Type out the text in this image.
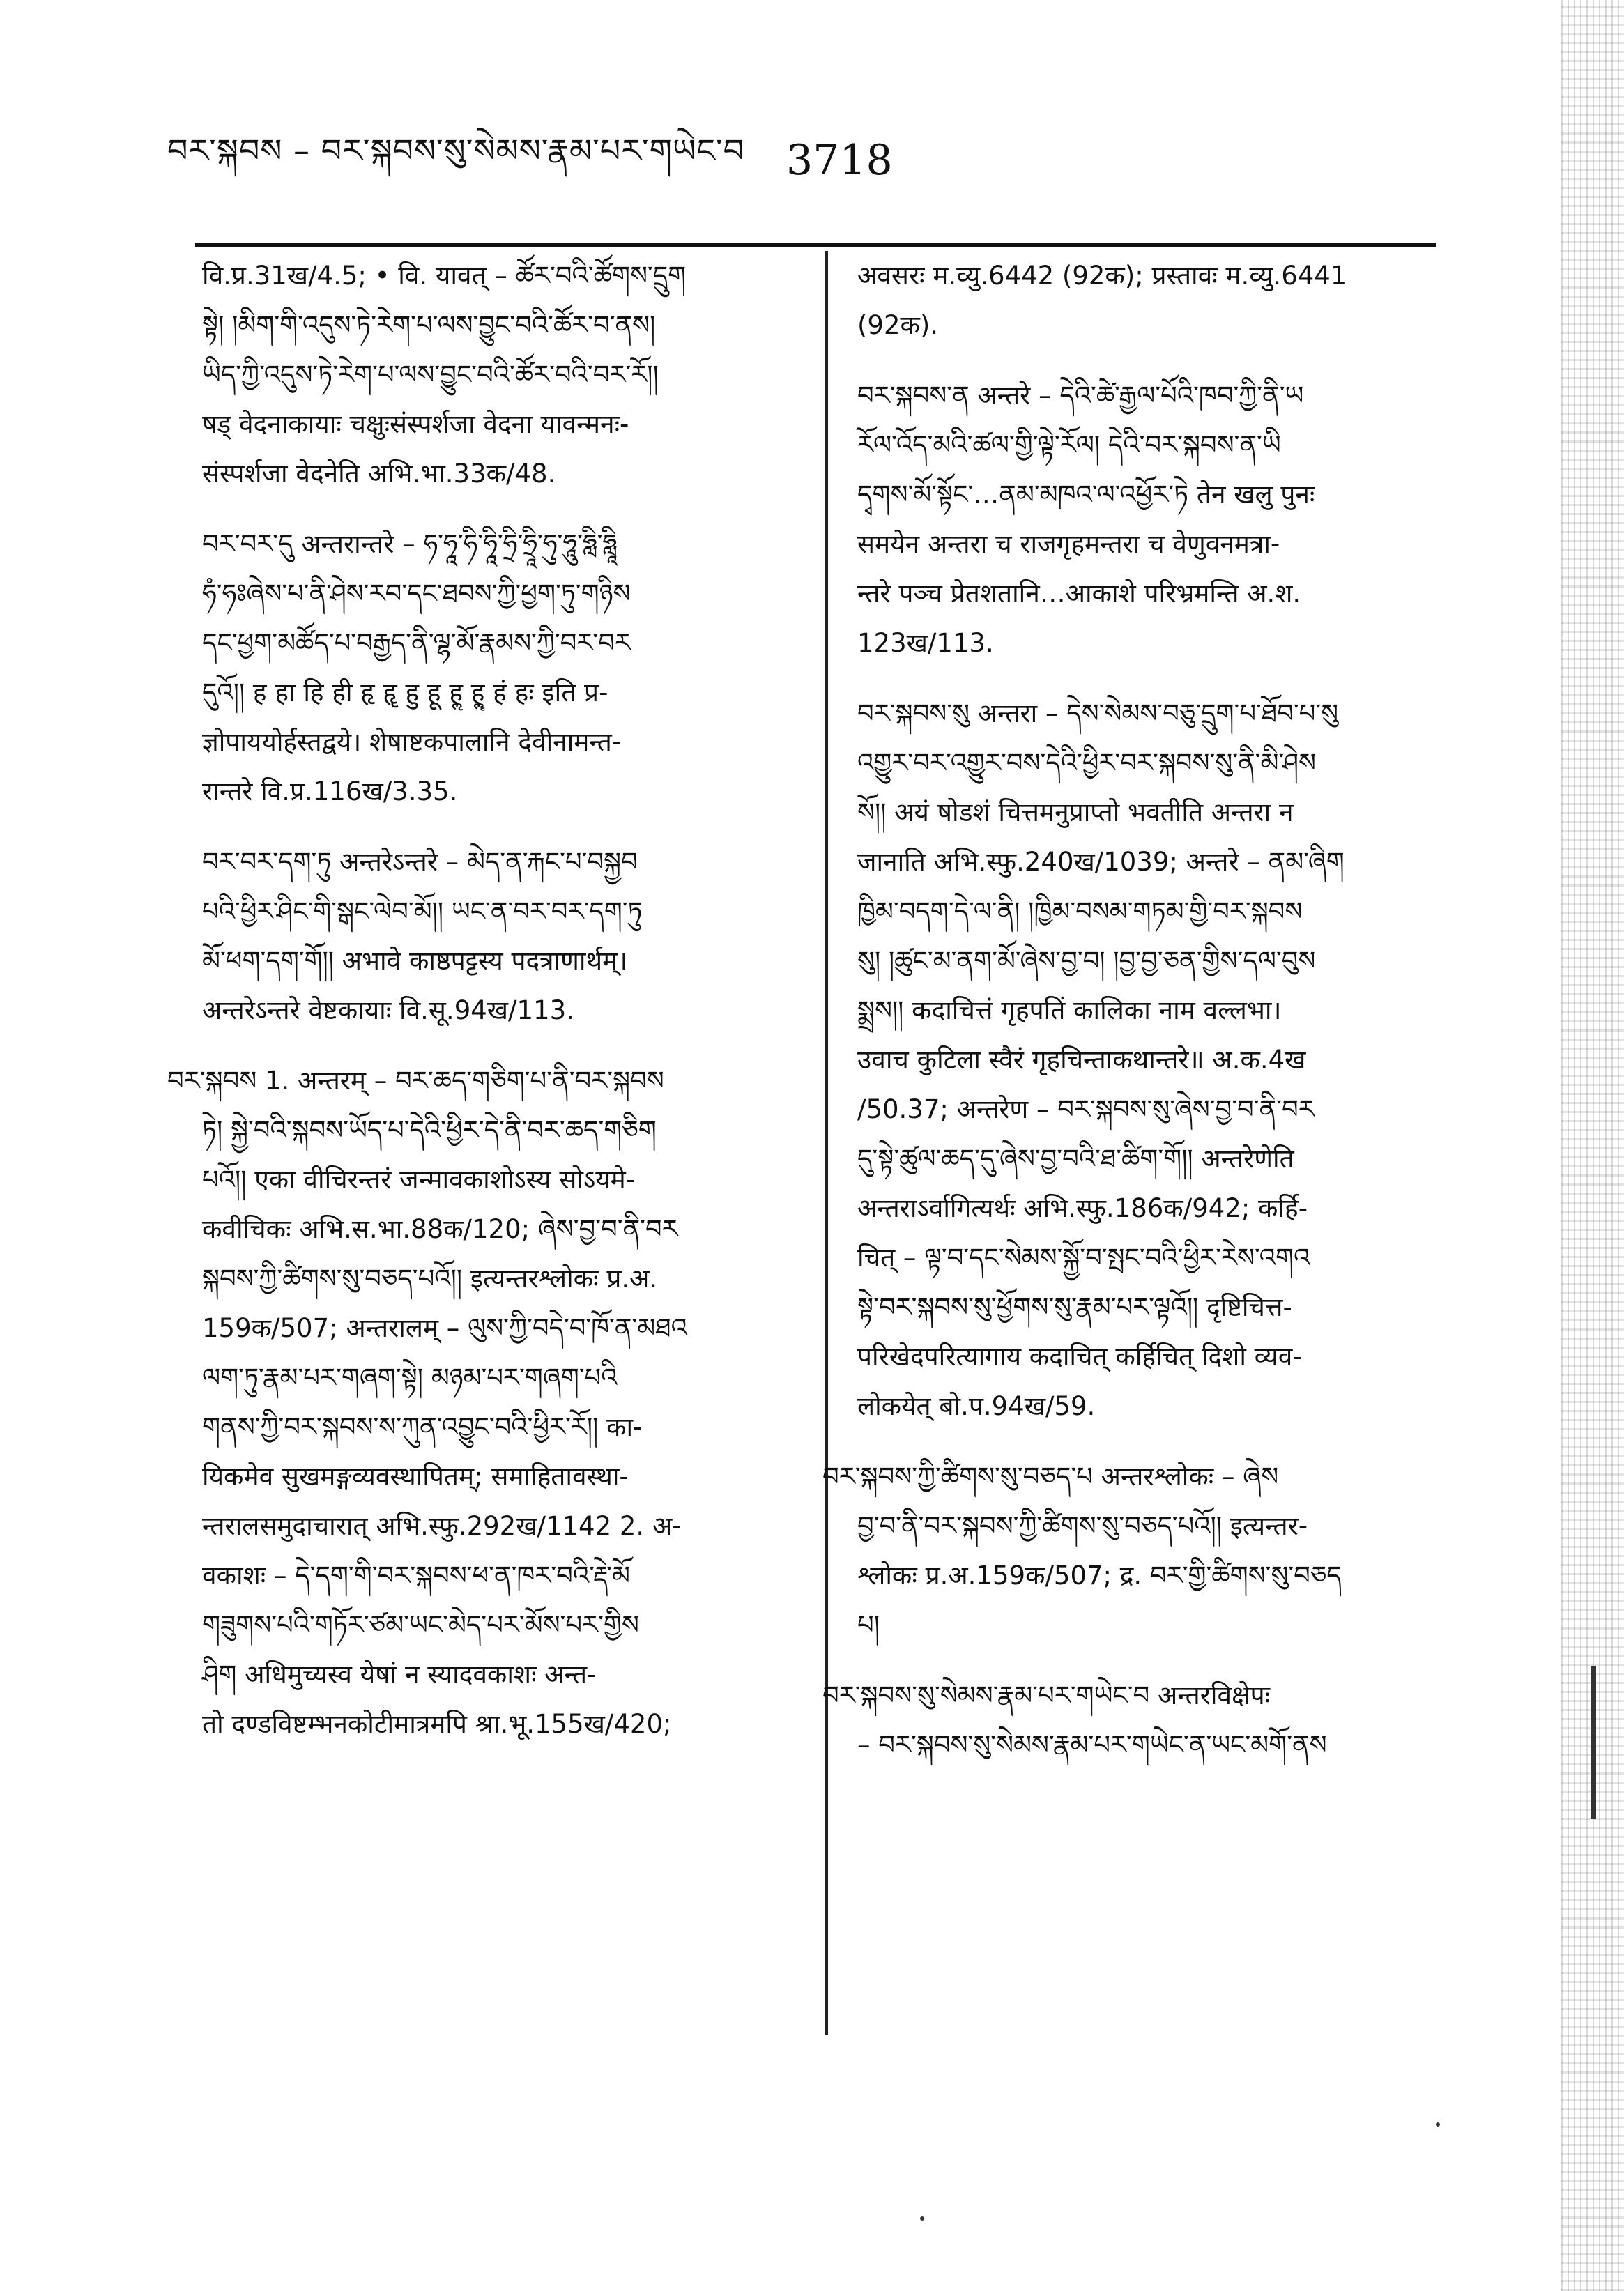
བར་སྐབས – བར་སྐབས་སུ་སེམས་རྣམ་པར་གཡེང་བ 3718

वि.प्र.31ख/4.5; • वि. यावत् – ཚོར་བའི་ཚོགས་དྲུག

སྟེ། །མིག་གི་འདུས་ཏེ་རེག་པ་ལས་བྱུང་བའི་ཚོར་བ་ནས།

ཡིད་ཀྱི་འདུས་ཏེ་རེག་པ་ལས་བྱུང་བའི་ཚོར་བའི་བར་རོ།།

षड् वेदनाकायाः चक्षुःसंस्पर्शजा वेदना यावन्मनः-

संस्पर्शजा वेदनेति अभि.भा.33क/48.

བར་བར་དུ अन्तरान्तरे – ཧ་ཧཱ་ཧི་ཧཱི་ཧྲི་ཧྲཱི་ཧུ་ཧཱུ་ཧླི་ཧླཱི

ཧཾ་ཧཿཞེས་པ་ནི་ཤེས་རབ་དང་ཐབས་ཀྱི་ཕྱག་ཏུ་གཉིས

དང་ཕྱག་མཚོད་པ་བརྒྱད་ནི་ལྷ་མོ་རྣམས་ཀྱི་བར་བར

དུའོ།། ह हा हि ही हृ हॄ हु हू हॢ हॣ हं हः इति प्र-

ज्ञोपाययोर्हस्तद्वये। शेषाष्टकपालानि देवीनामन्त-

रान्तरे वि.प्र.116ख/3.35.

བར་བར་དག་ཏུ अन्तरेऽन्तरे – མེད་ན་རྐང་པ་བསྐྱབ

པའི་ཕྱིར་ཤིང་གི་སྒང་ལེབ་མོ།། ཡང་ན་བར་བར་དག་ཏུ

མོ་ཕག་དག་གོ།། अभावे काष्ठपट्टस्य पदत्राणार्थम्।

अन्तरेऽन्तरे वेष्टकायाः वि.सू.94ख/113.

བར་སྐབས 1. अन्तरम् – བར་ཆད་གཅིག་པ་ནི་བར་སྐབས

ཏེ། སྐྱེ་བའི་སྐབས་ཡོད་པ་དེའི་ཕྱིར་དེ་ནི་བར་ཆད་གཅིག

པའོ།། एका वीचिरन्तरं जन्मावकाशोऽस्य सोऽयमे-

कवीचिकः अभि.स.भा.88क/120; ཞེས་བྱ་བ་ནི་བར

སྐབས་ཀྱི་ཚིགས་སུ་བཅད་པའོ།། इत्यन्तरश्लोकः प्र.अ.

159क/507; अन्तरालम् – ལུས་ཀྱི་བདེ་བ་ཁོ་ན་མཐའ

ལག་ཏུ་རྣམ་པར་གཞག་སྟེ། མཉམ་པར་གཞག་པའི

གནས་ཀྱི་བར་སྐབས་ས་ཀུན་འབྱུང་བའི་ཕྱིར་རོ།། का-

यिकमेव सुखमङ्गव्यवस्थापितम्; समाहितावस्था-

न्तरालसमुदाचारात् अभि.स्फु.292ख/1142 2. अ-

वकाशः – དེ་དག་གི་བར་སྐབས་ཕ་ན་ཁར་བའི་རྡེ་མོ

གཟུགས་པའི་གཏོར་ཙམ་ཡང་མེད་པར་མོས་པར་གྱིས

ཤིག अधिमुच्यस्व येषां न स्यादवकाशः अन्त-

तो दण्डविष्टम्भनकोटीमात्रमपि श्रा.भू.155ख/420;

अवसरः म.व्यु.6442 (92क); प्रस्तावः म.व्यु.6441

(92क).

བར་སྐབས་ན अन्तरे – དེའི་ཚེ་རྒྱལ་པོའི་ཁབ་ཀྱི་ནི་ཡ

རོལ་འོད་མའི་ཚལ་གྱི་ལྟེ་རོལ། དེའི་བར་སྐབས་ན་ཡི

དྭགས་མོ་སྟོང་…ནམ་མཁའ་ལ་འཕྱོར་ཏེ तेन खलु पुनः

समयेन अन्तरा च राजगृहमन्तरा च वेणुवनमत्रा-

न्तरे पञ्च प्रेतशतानि…आकाशे परिभ्रमन्ति अ.श.

123ख/113.

བར་སྐབས་སུ अन्तरा – དེས་སེམས་བཅུ་དྲུག་པ་ཐོབ་པ་སུ

འགྱུར་བར་འགྱུར་བས་དེའི་ཕྱིར་བར་སྐབས་སུ་ནི་མི་ཤེས

སོ།། अयं षोडशं चित्तमनुप्राप्तो भवतीति अन्तरा न

जानाति अभि.स्फु.240ख/1039; अन्तरे – ནམ་ཞིག

ཁྱིམ་བདག་དེ་ལ་ནི། །ཁྱིམ་བསམ་གཏམ་གྱི་བར་སྐབས

སུ། །ཚུང་མ་ནག་མོ་ཞེས་བྱ་བ། །བྱ་བྱ་ཅན་གྱིས་དལ་བུས

སྨྲས།། कदाचित्तं गृहपतिं कालिका नाम वल्लभा।

उवाच कुटिला स्वैरं गृहचिन्ताकथान्तरे॥ अ.क.4ख

/50.37; अन्तरेण – བར་སྐབས་སུ་ཞེས་བྱ་བ་ནི་བར

དུ་སྟེ་ཚུལ་ཆད་དུ་ཞེས་བྱ་བའི་ཐ་ཚིག་གོ།། अन्तरेणेति

अन्तराऽर्वागित्यर्थः अभि.स्फु.186क/942; कर्हि-

चित् – ལྟ་བ་དང་སེམས་སྐྱོ་བ་སྤང་བའི་ཕྱིར་རེས་འགའ

སྟེ་བར་སྐབས་སུ་ཕྱོགས་སུ་རྣམ་པར་ལྟའོ།། दृष्टिचित्त-

परिखेदपरित्यागाय कदाचित् कर्हिचित् दिशो व्यव-

लोकयेत् बो.प.94ख/59.

བར་སྐབས་ཀྱི་ཚིགས་སུ་བཅད་པ अन्तरश्लोकः – ཞེས

བྱ་བ་ནི་བར་སྐབས་ཀྱི་ཚིགས་སུ་བཅད་པའོ།། इत्यन्तर-

श्लोकः प्र.अ.159क/507; द्र. བར་གྱི་ཚིགས་སུ་བཅད

པ།

བར་སྐབས་སུ་སེམས་རྣམ་པར་གཡེང་བ अन्तरविक्षेपः

– བར་སྐབས་སུ་སེམས་རྣམ་པར་གཡེང་ན་ཡང་མགོ་ནས
